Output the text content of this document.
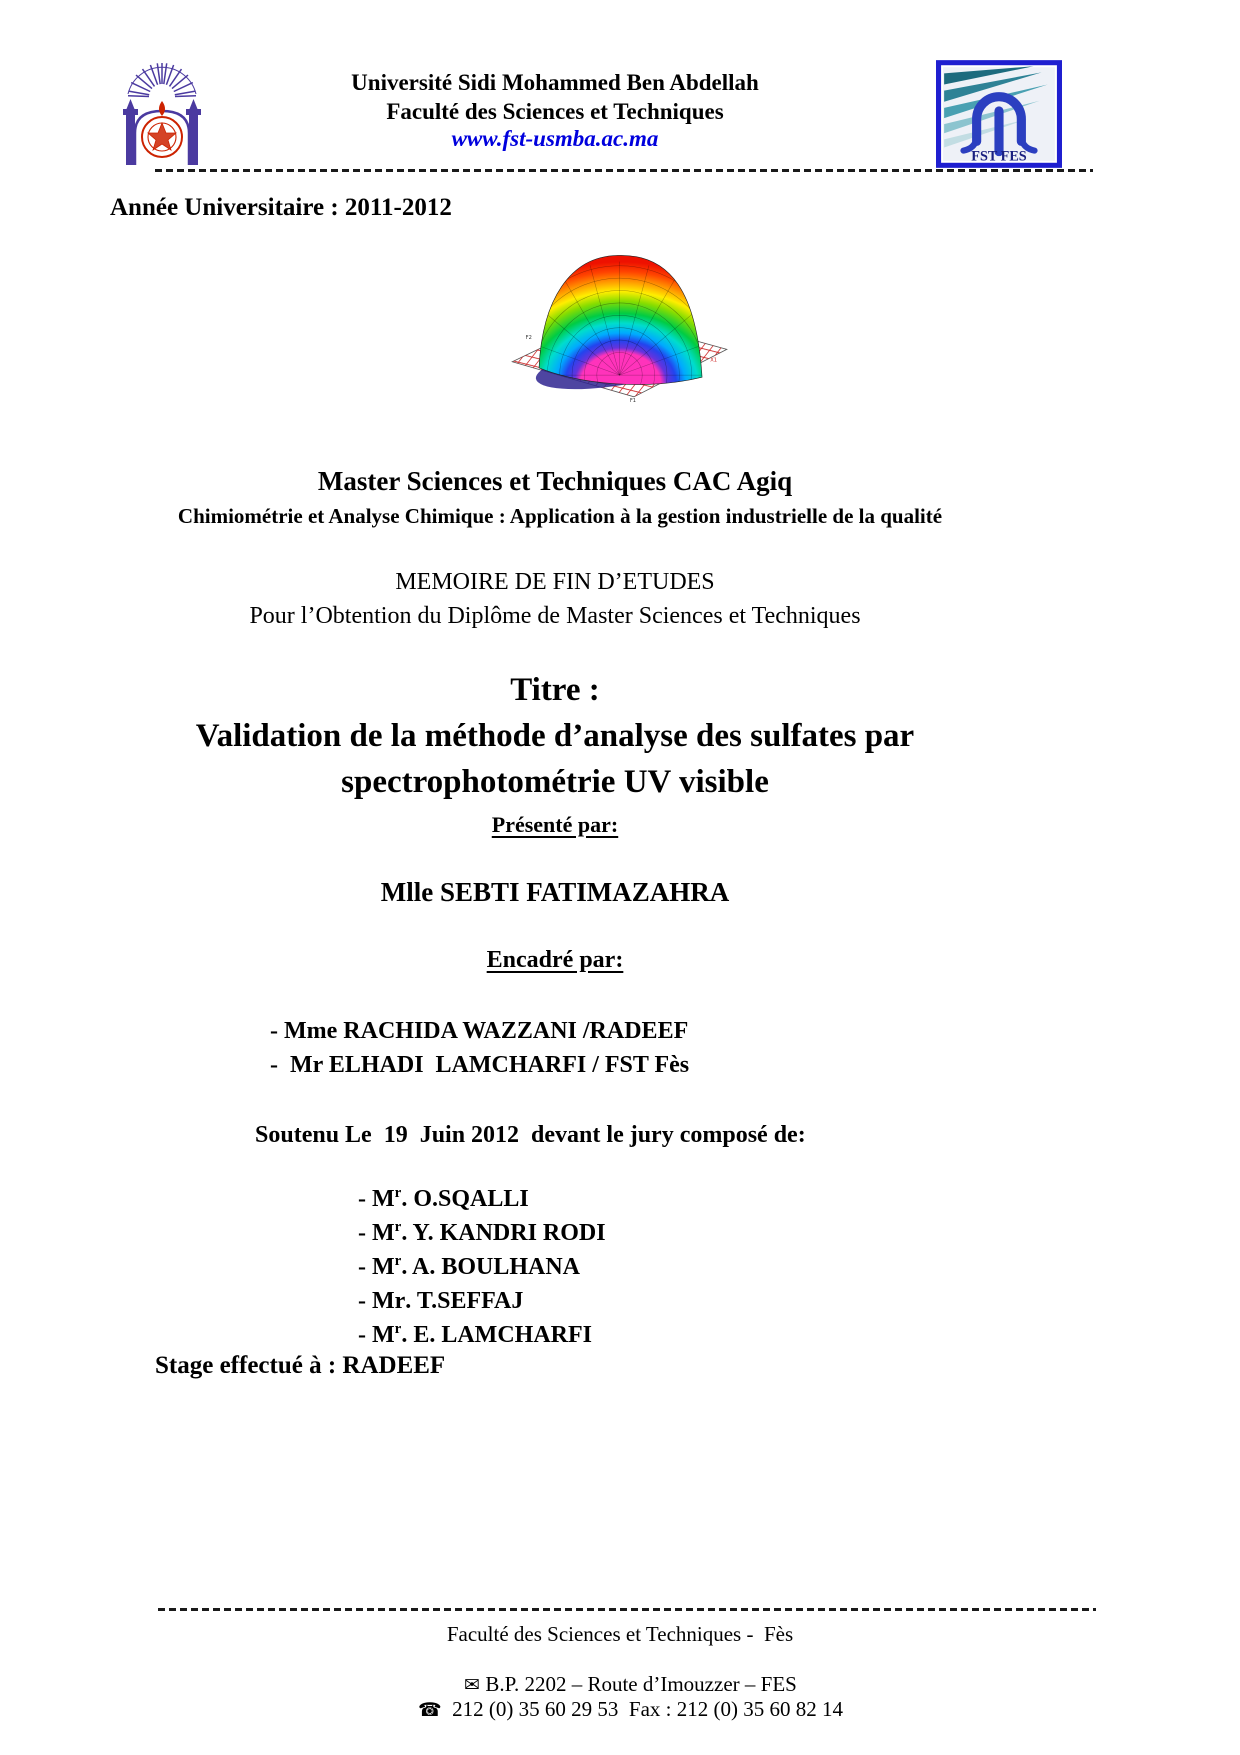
Université Sidi Mohammed Ben Abdellah
Faculté des Sciences et Techniques
www.fst-usmba.ac.ma
FST FES
Année Universitaire : 2011-2012
F2
F1
X1
Master Sciences et Techniques CAC Agiq
Chimiométrie et Analyse Chimique : Application à la gestion industrielle de la qualité
MEMOIRE DE FIN D’ETUDES
Pour l’Obtention du Diplôme de Master Sciences et Techniques
Titre :
Validation de la méthode d’analyse des sulfates par
spectrophotométrie UV visible
Présenté par:
Mlle SEBTI FATIMAZAHRA
Encadré par:
- Mme RACHIDA WAZZANI /RADEEF
-  Mr ELHADI  LAMCHARFI / FST Fès
Soutenu Le  19  Juin 2012  devant le jury composé de:
- $M^r$. O.SQALLI
- $M^r$. Y. KANDRI RODI
- $M^r$. A. BOULHANA
- Mr. T.SEFFAJ
- $M^r$. E. LAMCHARFI
Stage effectué à : RADEEF
Faculté des Sciences et Techniques -  Fès

✉ B.P. 2202 – Route d’Imouzzer – FES

☎  212 (0) 35 60 29 53  Fax : 212 (0) 35 60 82 14
